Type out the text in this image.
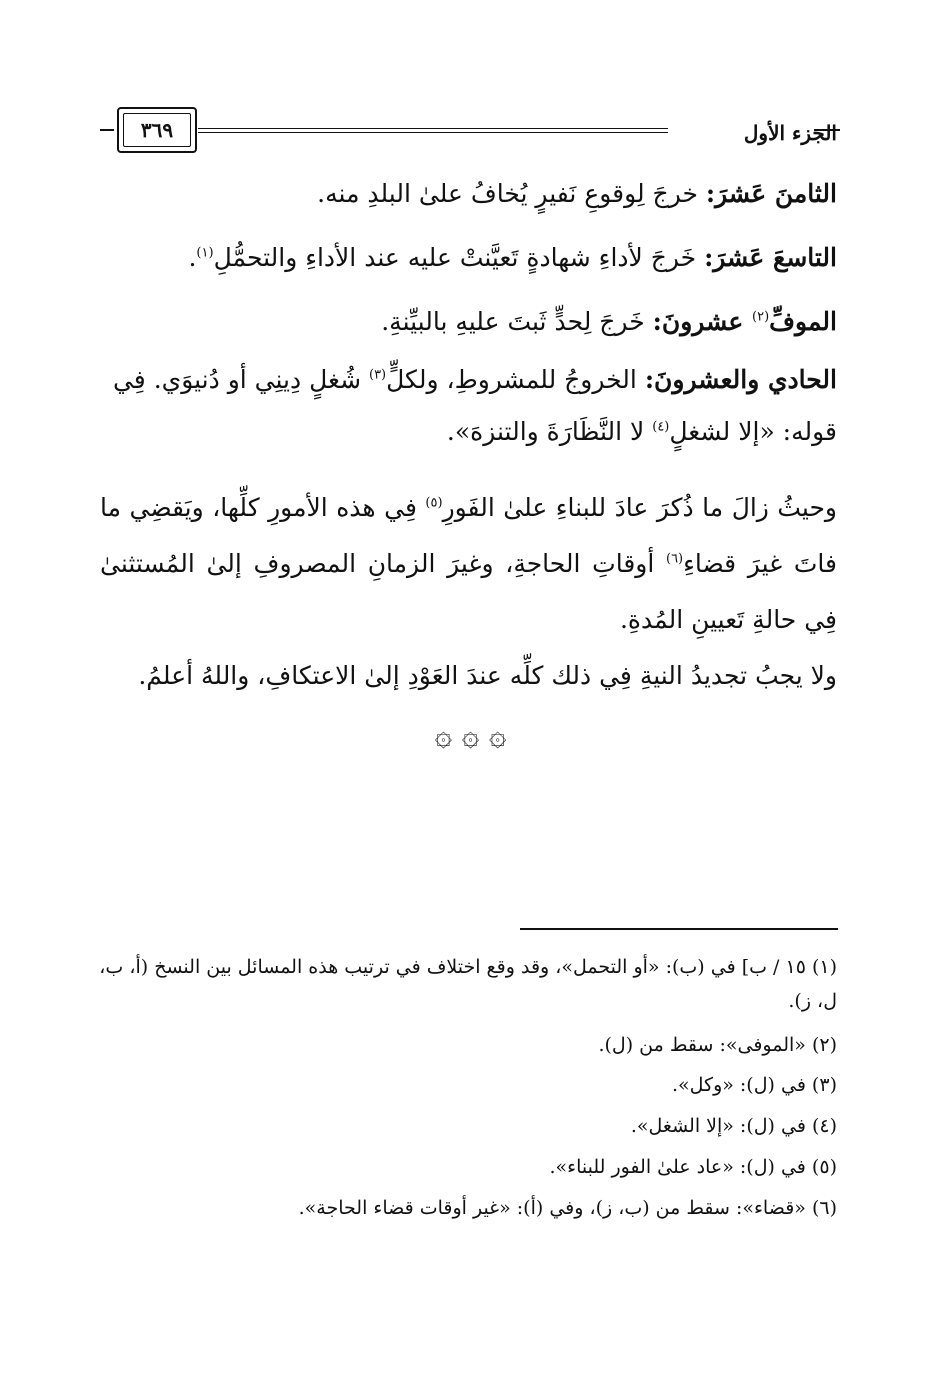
الجزء الأول
٣٦٩
الثامنَ عَشرَ: خرجَ لِوقوعِ نَفيرٍ يُخافُ علىٰ البلدِ منه.
التاسعَ عَشرَ: خَرجَ لأداءِ شهادةٍ تَعيَّنتْ عليه عند الأداءِ والتحمُّلِ$^{(١)}$.
الموفِّ$^{(٢)}$ عشرونَ: خَرجَ لِحدٍّ ثَبتَ عليهِ بالبيِّنةِ.
الحادي والعشرونَ: الخروجُ للمشروطِ، ولكلٍّ$^{(٣)}$ شُغلٍ دِينِي أو دُنيوَي. فِي قوله: «إلا لشغلٍ$^{(٤)}$ لا النَّظَارَةَ والتنزهَ».
وحيثُ زالَ ما ذُكرَ عادَ للبناءِ علىٰ الفَورِ$^{(٥)}$ فِي هذه الأمورِ كلِّها، ويَقضِي ما فاتَ غيرَ قضاءِ$^{(٦)}$ أوقاتِ الحاجةِ، وغيرَ الزمانِ المصروفِ إلىٰ المُستثنىٰ فِي حالةِ تَعيينِ المُدةِ.
ولا يجبُ تجديدُ النيةِ فِي ذلك كلِّه عندَ العَوْدِ إلىٰ الاعتكافِ، واللهُ أعلمُ.
۞ ۞ ۞
(١) ١٥ / ب] في (ب): «أو التحمل»، وقد وقع اختلاف في ترتيب هذه المسائل بين النسخ (أ، ب، ل، ز).
(٢) «الموفى»: سقط من (ل).
(٣) في (ل): «وكل».
(٤) في (ل): «إلا الشغل».
(٥) في (ل): «عاد علىٰ الفور للبناء».
(٦) «قضاء»: سقط من (ب، ز)، وفي (أ): «غير أوقات قضاء الحاجة».
